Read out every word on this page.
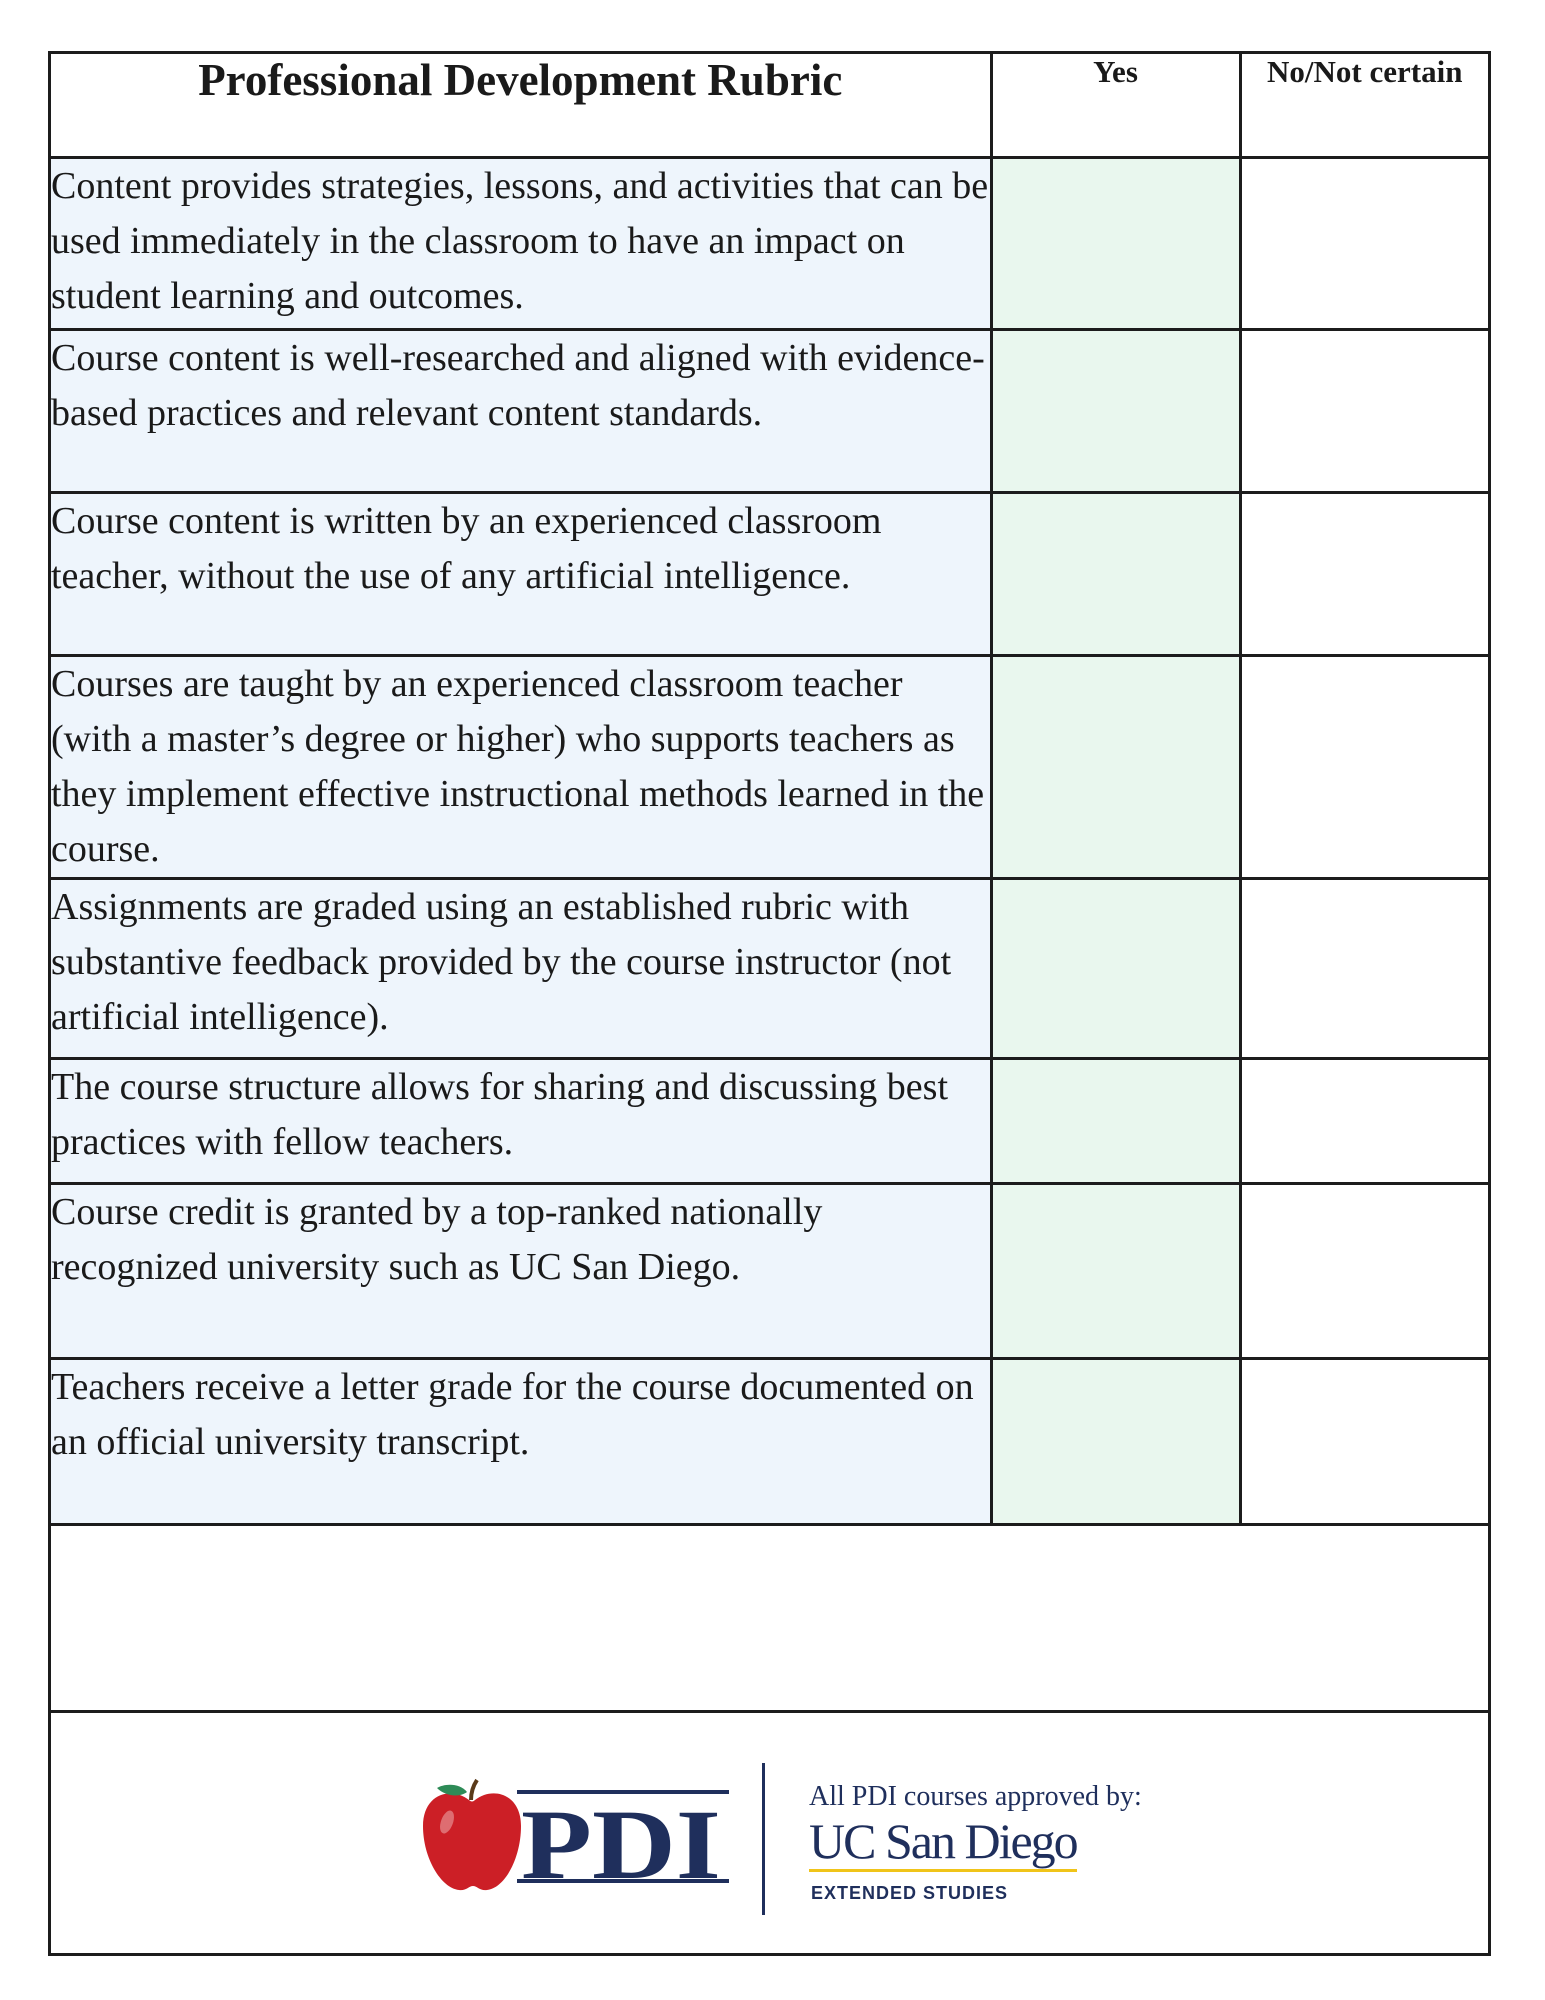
Professional Development Rubric	Yes	No/Not certain
Content provides strategies, lessons, and activities that can be used immediately in the classroom to have an impact on student learning and outcomes.		
Course content is well-researched and aligned with evidence-based practices and relevant content standards.		
Course content is written by an experienced classroom teacher, without the use of any artificial intelligence.		
Courses are taught by an experienced classroom teacher (with a master’s degree or higher) who supports teachers as they implement effective instructional methods learned in the course.		
Assignments are graded using an established rubric with substantive feedback provided by the course instructor (not artificial intelligence).		
The course structure allows for sharing and discussing best practices with fellow teachers.		
Course credit is granted by a top-ranked nationally recognized university such as UC San Diego.		
Teachers receive a letter grade for the course documented on an official university transcript.		
PDI	All PDI courses approved by:
UC San Diego
EXTENDED STUDIES
